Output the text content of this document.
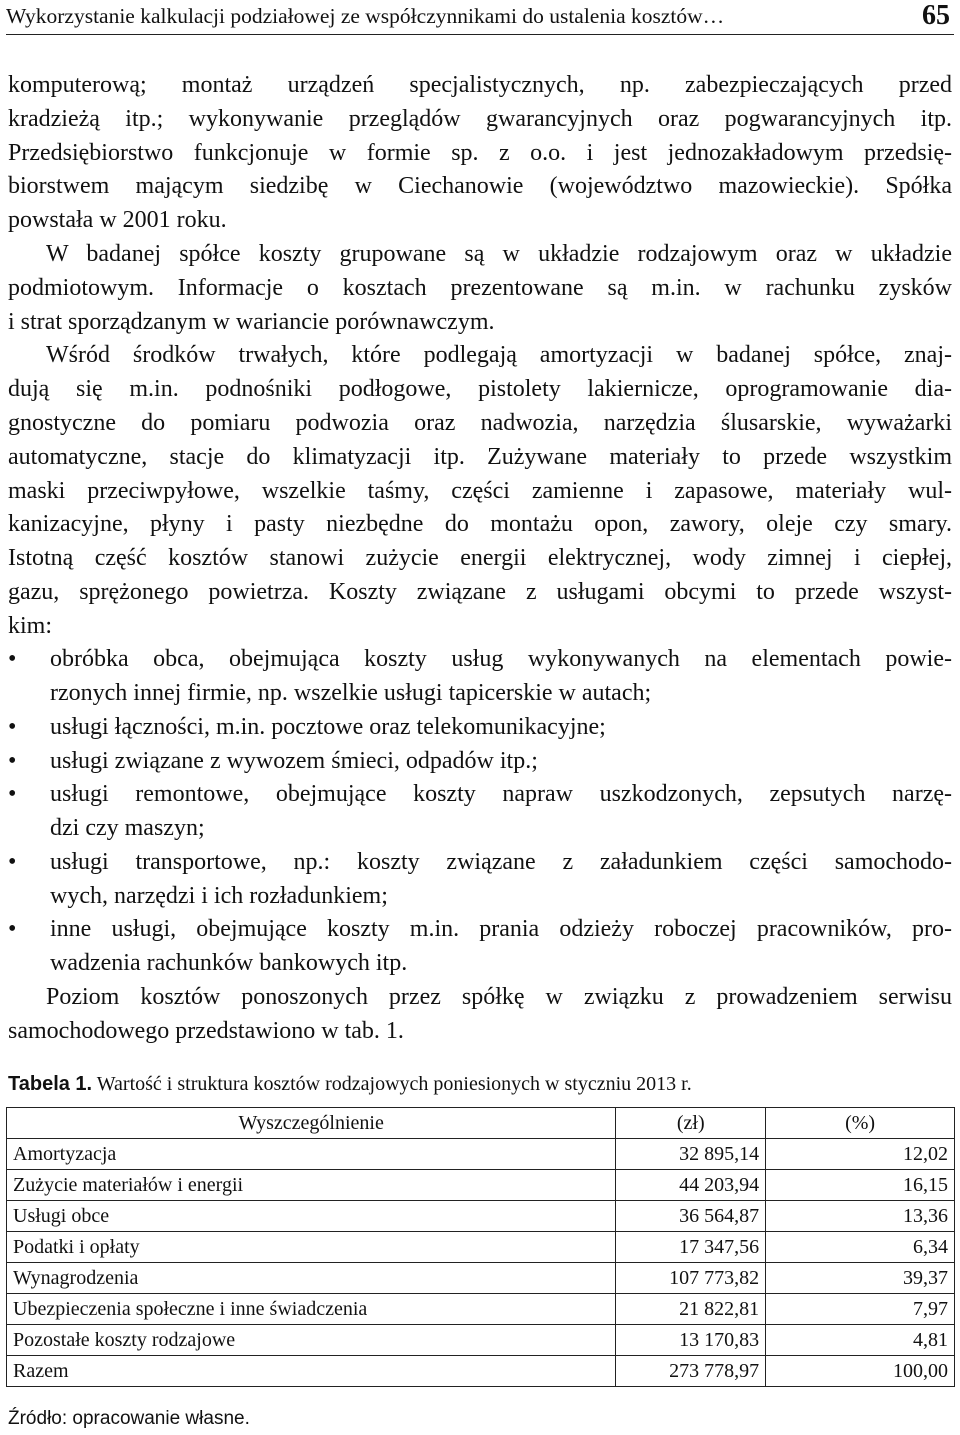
Wykorzystanie kalkulacji podziałowej ze współczynnikami do ustalenia kosztów…	65
komputerową; montaż urządzeń specjalistycznych, np. zabezpieczających przed
kradzieżą itp.; wykonywanie przeglądów gwarancyjnych oraz pogwarancyjnych itp.
Przedsiębiorstwo funkcjonuje w formie sp. z o.o. i jest jednozakładowym przedsię-
biorstwem mającym siedzibę w Ciechanowie (województwo mazowieckie). Spółka
powstała w 2001 roku.
W badanej spółce koszty grupowane są w układzie rodzajowym oraz w układzie
podmiotowym. Informacje o kosztach prezentowane są m.in. w rachunku zysków
i strat sporządzanym w wariancie porównawczym.
Wśród środków trwałych, które podlegają amortyzacji w badanej spółce, znaj-
dują się m.in. podnośniki podłogowe, pistolety lakiernicze, oprogramowanie dia-
gnostyczne do pomiaru podwozia oraz nadwozia, narzędzia ślusarskie, wyważarki
automatyczne, stacje do klimatyzacji itp. Zużywane materiały to przede wszystkim
maski przeciwpyłowe, wszelkie taśmy, części zamienne i zapasowe, materiały wul-
kanizacyjne, płyny i pasty niezbędne do montażu opon, zawory, oleje czy smary.
Istotną część kosztów stanowi zużycie energii elektrycznej, wody zimnej i ciepłej,
gazu, sprężonego powietrza. Koszty związane z usługami obcymi to przede wszyst-
kim:
• obróbka obca, obejmująca koszty usług wykonywanych na elementach powie-
rzonych innej firmie, np. wszelkie usługi tapicerskie w autach;
• usługi łączności, m.in. pocztowe oraz telekomunikacyjne;
• usługi związane z wywozem śmieci, odpadów itp.;
• usługi remontowe, obejmujące koszty napraw uszkodzonych, zepsutych narzę-
dzi czy maszyn;
• usługi transportowe, np.: koszty związane z załadunkiem części samochodo-
wych, narzędzi i ich rozładunkiem;
• inne usługi, obejmujące koszty m.in. prania odzieży roboczej pracowników, pro-
wadzenia rachunków bankowych itp.
Poziom kosztów ponoszonych przez spółkę w związku z prowadzeniem serwisu
samochodowego przedstawiono w tab. 1.
Tabela 1. Wartość i struktura kosztów rodzajowych poniesionych w styczniu 2013 r.
Wyszczególnienie	(zł)	(%)
Amortyzacja	32 895,14	12,02
Zużycie materiałów i energii	44 203,94	16,15
Usługi obce	36 564,87	13,36
Podatki i opłaty	17 347,56	6,34
Wynagrodzenia	107 773,82	39,37
Ubezpieczenia społeczne i inne świadczenia	21 822,81	7,97
Pozostałe koszty rodzajowe	13 170,83	4,81
Razem	273 778,97	100,00
Źródło: opracowanie własne.
